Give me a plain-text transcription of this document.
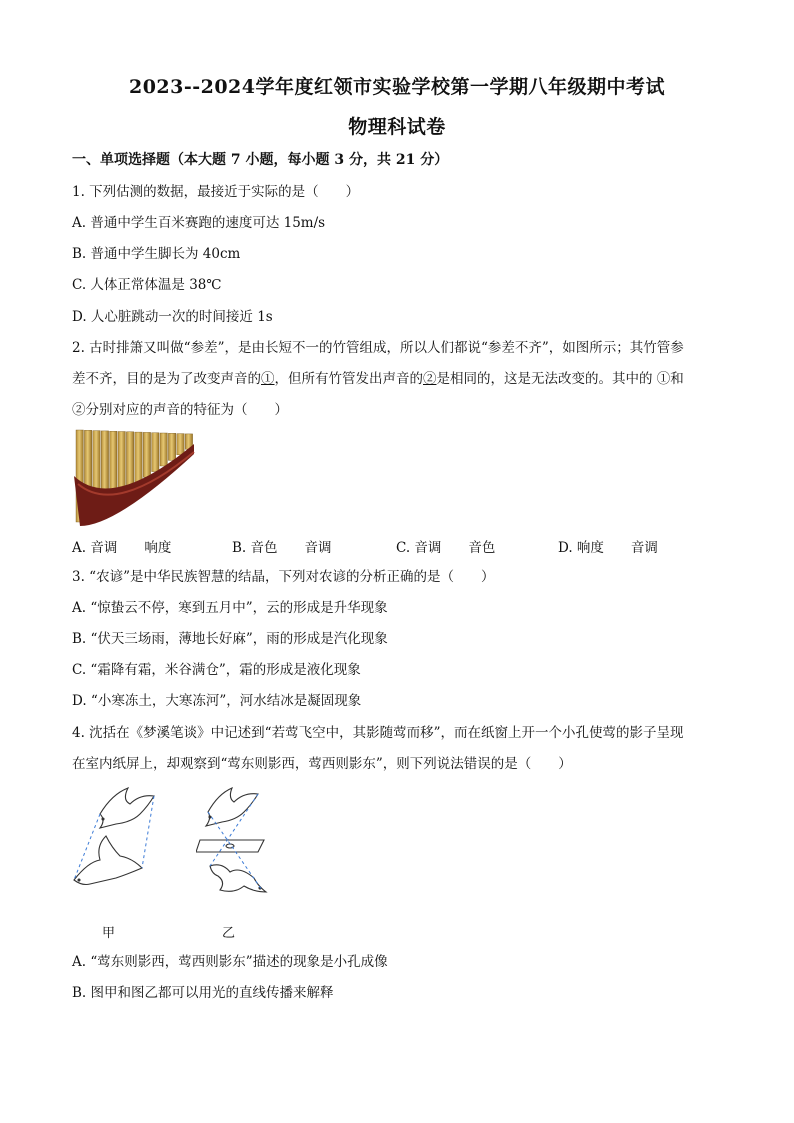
2023--2024学年度红领市实验学校第一学期八年级期中考试
物理科试卷
一、单项选择题（本大题 7 小题，每小题 3 分，共 21 分）
1. 下列估测的数据，最接近于实际的是（　　）
A. 普通中学生百米赛跑的速度可达 15m/s
B. 普通中学生脚长为 40cm
C. 人体正常体温是 38℃
D. 人心脏跳动一次的时间接近 1s
2. 古时排箫又叫做“参差”，是由长短不一的竹管组成，所以人们都说“参差不齐”，如图所示；其竹管参
差不齐，目的是为了改变声音的①，但所有竹管发出声音的②是相同的，这是无法改变的。其中的 ①和
②分别对应的声音的特征为（　　）
A. 音调　　响度	B. 音色　　音调	C. 音调　　音色	D. 响度　　音调
3. “农谚”是中华民族智慧的结晶，下列对农谚的分析正确的是（　　）
A. “惊蛰云不停，寒到五月中”，云的形成是升华现象
B. “伏天三场雨，薄地长好麻”，雨的形成是汽化现象
C. “霜降有霜，米谷满仓”，霜的形成是液化现象
D. “小寒冻土，大寒冻河”，河水结冰是凝固现象
4. 沈括在《梦溪笔谈》中记述到“若莺飞空中，其影随莺而移”，而在纸窗上开一个小孔使莺的影子呈现
在室内纸屏上，却观察到“莺东则影西，莺西则影东”，则下列说法错误的是（　　）
甲	乙
A. “莺东则影西，莺西则影东”描述的现象是小孔成像
B. 图甲和图乙都可以用光的直线传播来解释
